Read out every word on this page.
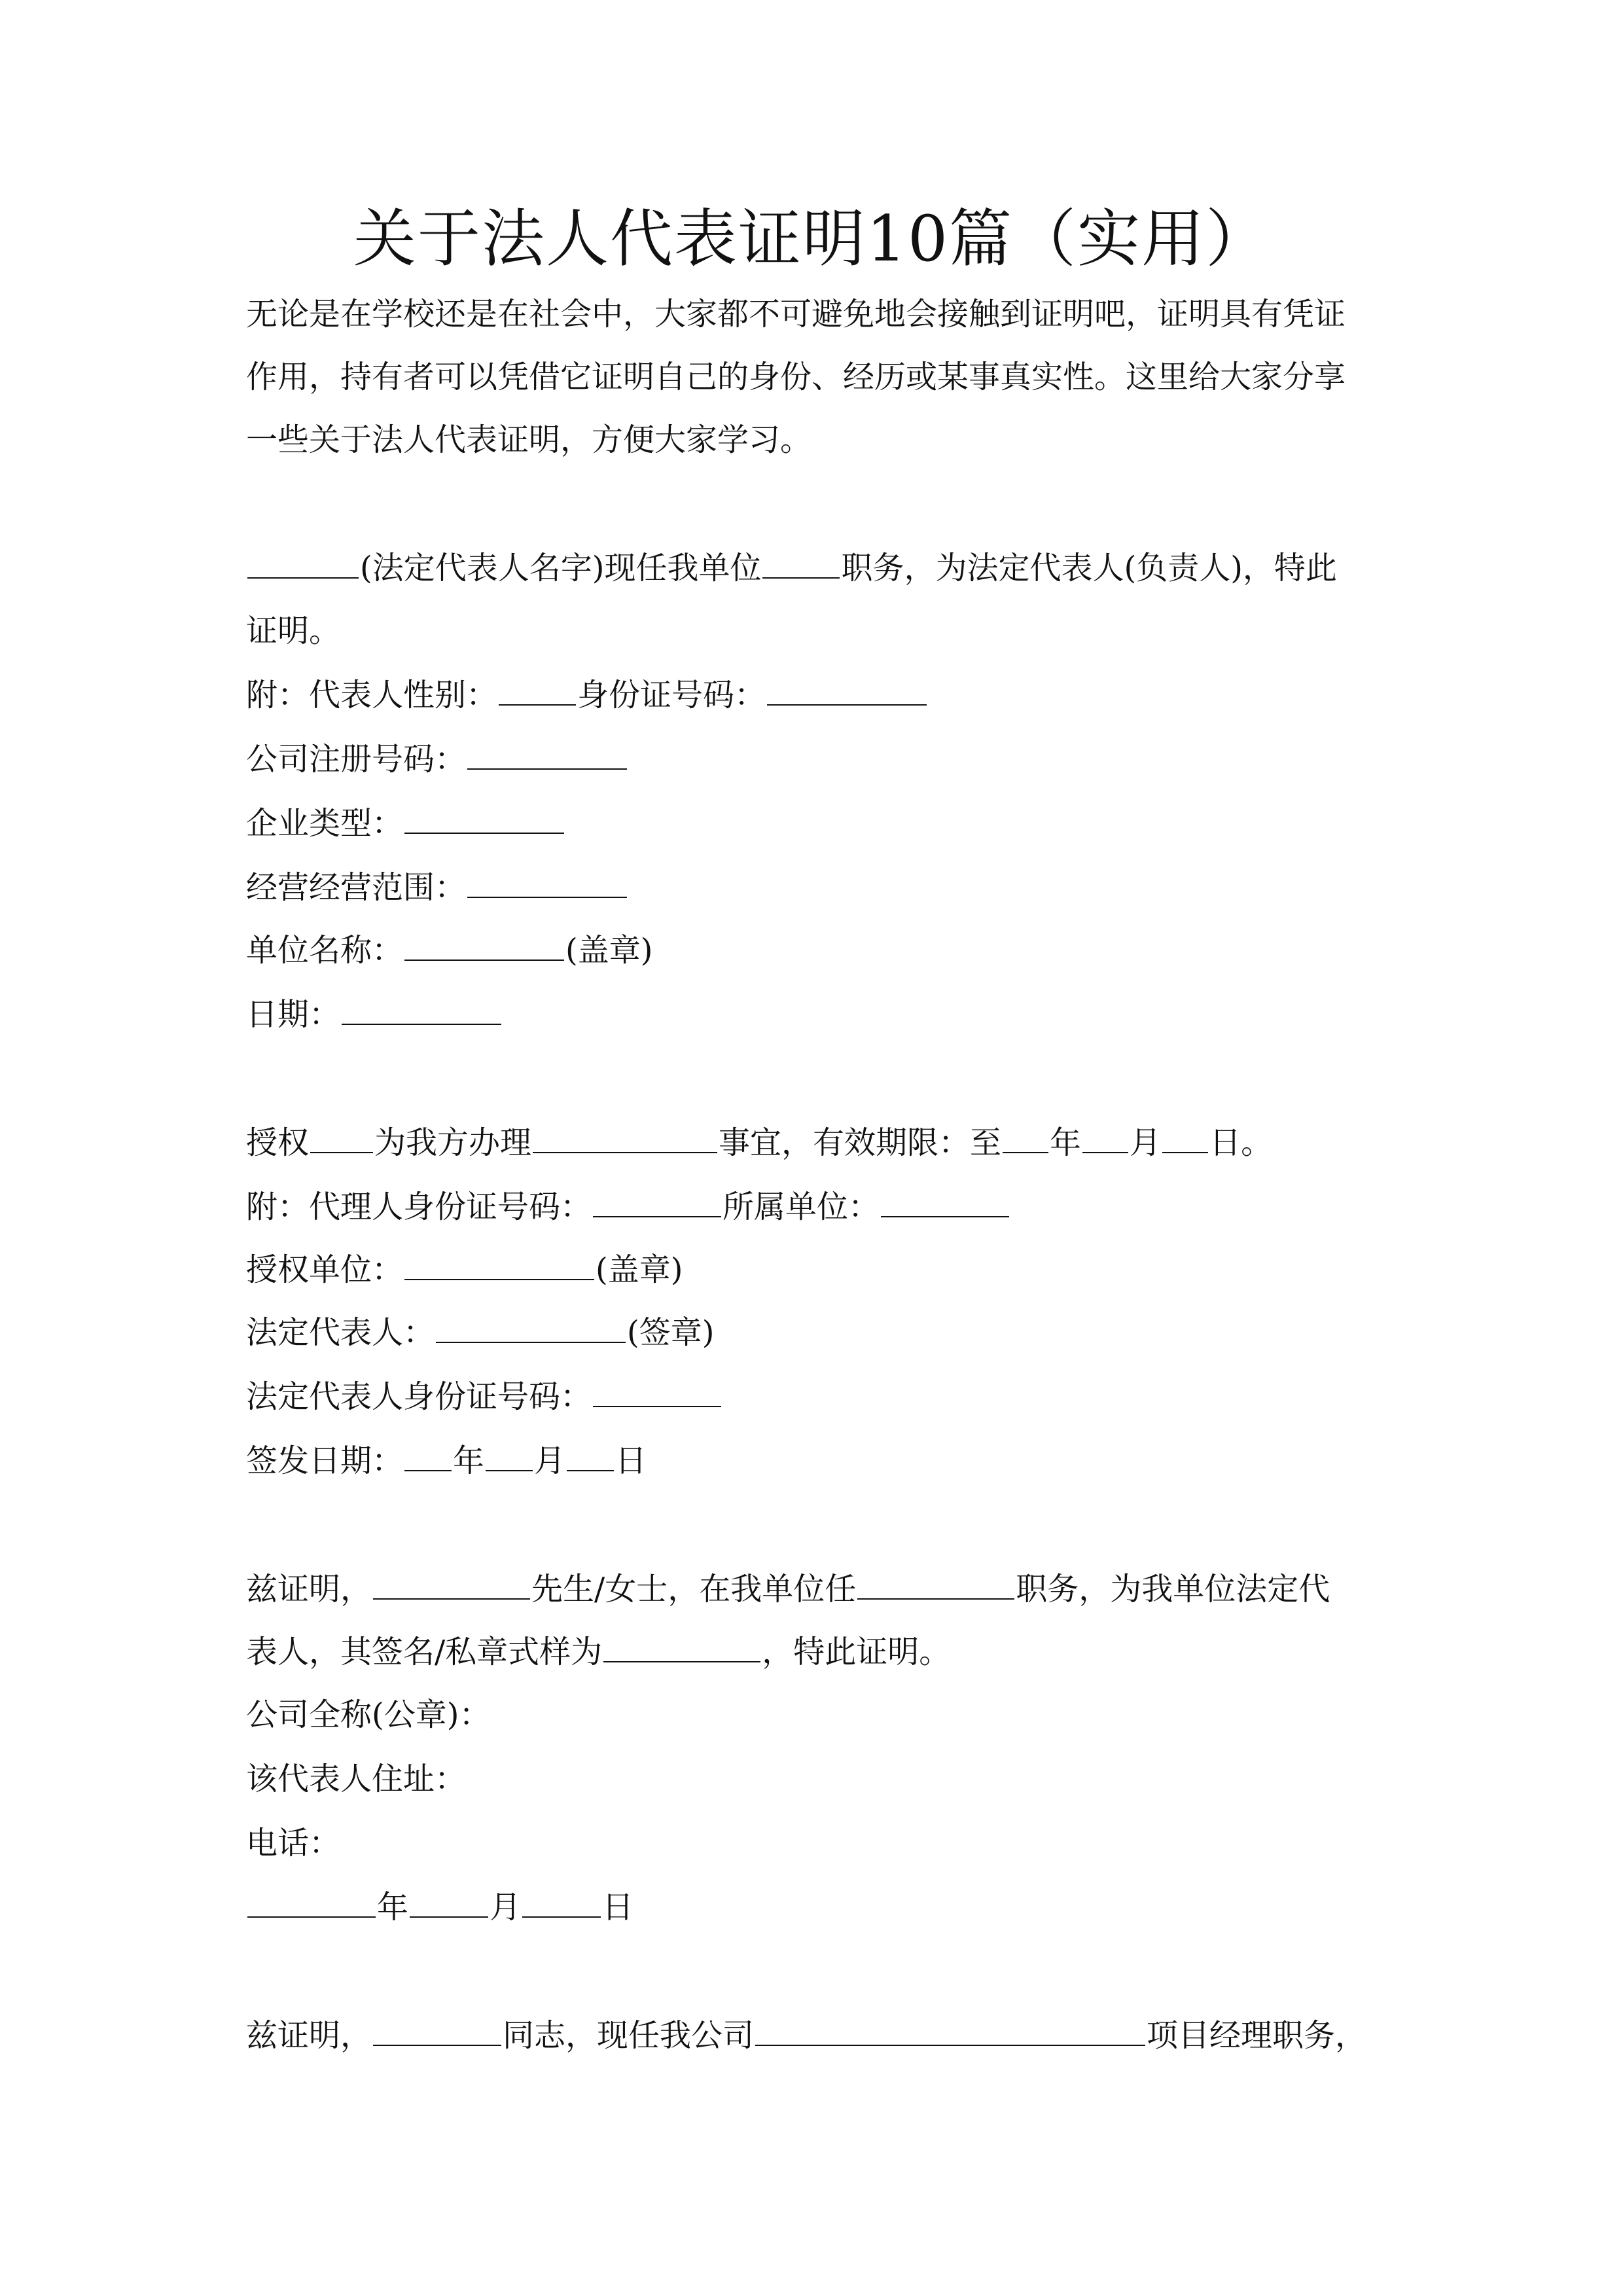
关于法人代表证明10篇（实用）
无论是在学校还是在社会中，大家都不可避免地会接触到证明吧，证明具有凭证
作用，持有者可以凭借它证明自己的身份、经历或某事真实性。这里给大家分享
一些关于法人代表证明，方便大家学习。
(法定代表人名字)现任我单位	职务，为法定代表人(负责人)，特此
证明。
附：代表人性别：	身份证号码：
公司注册号码：
企业类型：
经营经营范围：
单位名称：	(盖章)
日期：
授权 为我方办理	事宜，有效期限：至 年 月 日。
附：代理人身份证号码：	所属单位：
授权单位：	(盖章)
法定代表人：	(签章)
法定代表人身份证号码：
签发日期： 年 月 日
兹证明，	先生/女士，在我单位任	职务，为我单位法定代
表人，其签名/私章式样为	，特此证明。
公司全称(公章)：
该代表人住址：
电话：
年	月	日
兹证明，	同志，现任我公司	项目经理职务，
